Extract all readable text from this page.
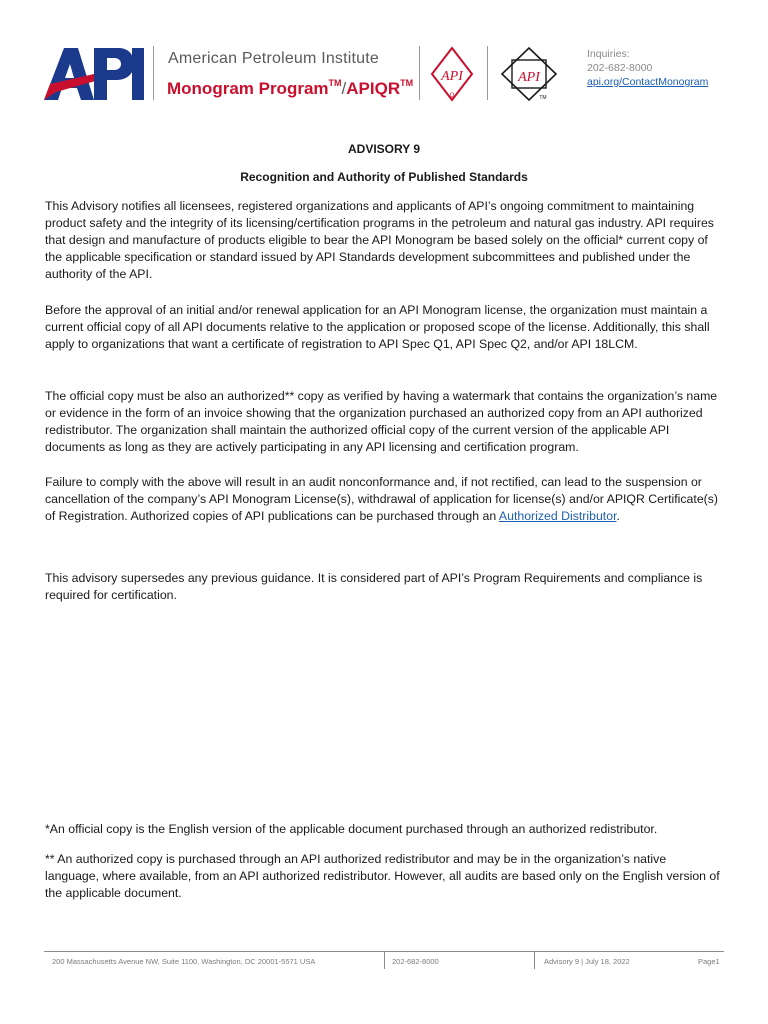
American Petroleum Institute
Monogram Program™/APIQR™ API
Q
API
TM
Inquiries:
202-682-8000
api.org/ContactMonogram
ADVISORY 9
Recognition and Authority of Published Standards
This Advisory notifies all licensees, registered organizations and applicants of API’s ongoing commitment to maintaining product safety and the integrity of its licensing/certification programs in the petroleum and natural gas industry. API requires that design and manufacture of products eligible to bear the API Monogram be based solely on the official* current copy of the applicable specification or standard issued by API Standards development subcommittees and published under the authority of the API.
Before the approval of an initial and/or renewal application for an API Monogram license, the organization must maintain a current official copy of all API documents relative to the application or proposed scope of the license. Additionally, this shall apply to organizations that want a certificate of registration to API Spec Q1, API Spec Q2, and/or API 18LCM.
The official copy must be also an authorized** copy as verified by having a watermark that contains the organization’s name or evidence in the form of an invoice showing that the organization purchased an authorized copy from an API authorized redistributor. The organization shall maintain the authorized official copy of the current version of the applicable API documents as long as they are actively participating in any API licensing and certification program.
Failure to comply with the above will result in an audit nonconformance and, if not rectified, can lead to the suspension or cancellation of the company’s API Monogram License(s), withdrawal of application for license(s) and/or APIQR Certificate(s) of Registration. Authorized copies of API publications can be purchased through an Authorized Distributor.
This advisory supersedes any previous guidance. It is considered part of API’s Program Requirements and compliance is required for certification.
*An official copy is the English version of the applicable document purchased through an authorized redistributor.
** An authorized copy is purchased through an API authorized redistributor and may be in the organization’s native language, where available, from an API authorized redistributor. However, all audits are based only on the English version of the applicable document.
200 Massachusetts Avenue NW, Suite 1100, Washington, DC 20001-5571 USA	202-682-8000	Advisory 9 | July 18, 2022	Page1
